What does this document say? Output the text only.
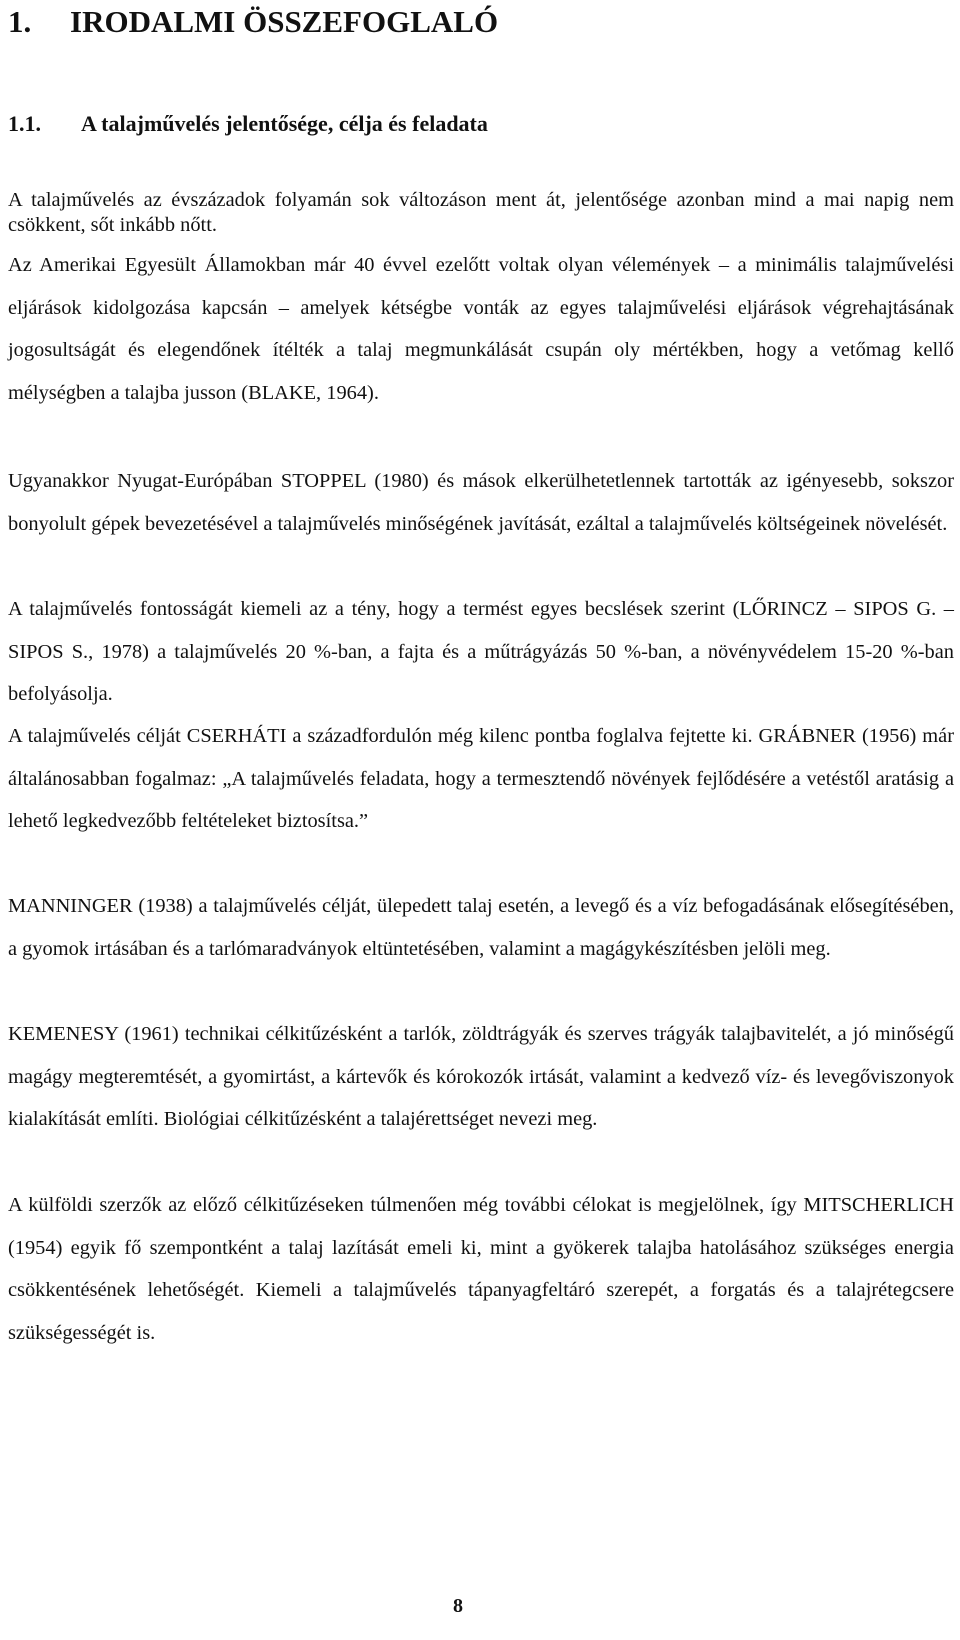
1. IRODALMI ÖSSZEFOGLALÓ
1.1. A talajművelés jelentősége, célja és feladata

A talajművelés az évszázadok folyamán sok változáson ment át, jelentősége azonban mind a mai napig nem csökkent, sőt inkább nőtt.

Az Amerikai Egyesült Államokban már 40 évvel ezelőtt voltak olyan vélemények – a minimális talajművelési eljárások kidolgozása kapcsán – amelyek kétségbe vonták az egyes talajművelési eljárások végrehajtásának jogosultságát és elegendőnek ítélték a talaj megmunkálását csupán oly mértékben, hogy a vetőmag kellő mélységben a talajba jusson (BLAKE, 1964).

Ugyanakkor Nyugat-Európában STOPPEL (1980) és mások elkerülhetetlennek tartották az igényesebb, sokszor bonyolult gépek bevezetésével a talajművelés minőségének javítását, ezáltal a talajművelés költségeinek növelését.

A talajművelés fontosságát kiemeli az a tény, hogy a termést egyes becslések szerint (LŐRINCZ – SIPOS G. – SIPOS S., 1978) a talajművelés 20 %-ban, a fajta és a műtrágyázás 50 %-ban, a növényvédelem 15-20 %-ban befolyásolja.

A talajművelés célját CSERHÁTI a századfordulón még kilenc pontba foglalva fejtette ki. GRÁBNER (1956) már általánosabban fogalmaz: „A talajművelés feladata, hogy a termesztendő növények fejlődésére a vetéstől aratásig a lehető legkedvezőbb feltételeket biztosítsa.”

MANNINGER (1938) a talajművelés célját, ülepedett talaj esetén, a levegő és a víz befogadásának elősegítésében, a gyomok irtásában és a tarlómaradványok eltüntetésében, valamint a magágykészítésben jelöli meg.

KEMENESY (1961) technikai célkitűzésként a tarlók, zöldtrágyák és szerves trágyák talajbavitelét, a jó minőségű magágy megteremtését, a gyomirtást, a kártevők és kórokozók irtását, valamint a kedvező víz- és levegőviszonyok kialakítását említi. Biológiai célkitűzésként a talajérettséget nevezi meg.

A külföldi szerzők az előző célkitűzéseken túlmenően még további célokat is megjelölnek, így MITSCHERLICH (1954) egyik fő szempontként a talaj lazítását emeli ki, mint a gyökerek talajba hatolásához szükséges energia csökkentésének lehetőségét. Kiemeli a talajművelés tápanyagfeltáró szerepét, a forgatás és a talajrétegcsere szükségességét is.

8
